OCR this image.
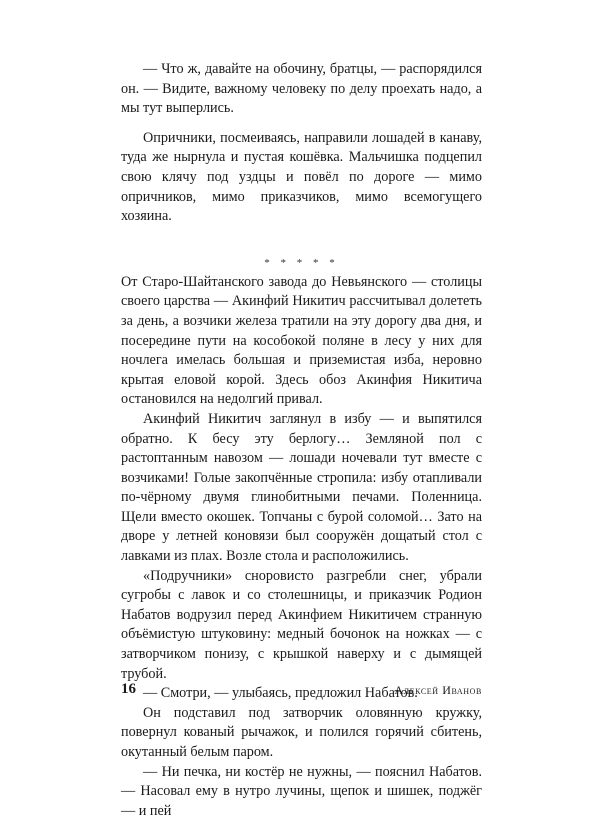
— Что ж, давайте на обочину, братцы, — распорядился он. — Видите, важному человеку по делу проехать надо, а мы тут выперлись.

Опричники, посмеиваясь, направили лошадей в канаву, туда же нырнула и пустая кошёвка. Мальчишка подцепил свою клячу под уздцы и повёл по дороге — мимо опричников, мимо приказчиков, мимо всемогущего хозяина.

* * * * *

От Старо-Шайтанского завода до Невьянского — столицы своего царства — Акинфий Никитич рассчитывал долететь за день, а возчики железа тратили на эту дорогу два дня, и посередине пути на кособокой поляне в лесу у них для ночлега имелась большая и приземистая изба, неровно крытая еловой корой. Здесь обоз Акинфия Никитича остановился на недолгий привал.

Акинфий Никитич заглянул в избу — и выпятился обратно. К бесу эту берлогу… Земляной пол с растоптанным навозом — лошади ночевали тут вместе с возчиками! Голые закопчённые стропила: избу отапливали по-чёрному двумя глинобитными печами. Поленница. Щели вместо окошек. Топчаны с бурой соломой… Зато на дворе у летней коновязи был сооружён дощатый стол с лавками из плах. Возле стола и расположились.

«Подручники» сноровисто разгребли снег, убрали сугробы с лавок и со столешницы, и приказчик Родион Набатов водрузил перед Акинфием Никитичем странную объёмистую штуковину: медный бочонок на ножках — с затворчиком понизу, с крышкой наверху и с дымящей трубой.

— Смотри, — улыбаясь, предложил Набатов.

Он подставил под затворчик оловянную кружку, повернул кованый рычажок, и полился горячий сбитень, окутанный белым паром.

— Ни печка, ни костёр не нужны, — пояснил Набатов. — Насовал ему в нутро лучины, щепок и шишек, поджёг — и пей

16	Алексей Иванов
